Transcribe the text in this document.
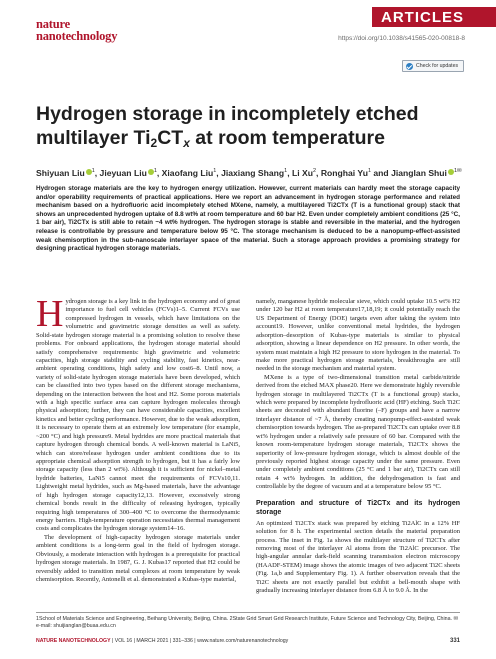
nature
nanotechnology
ARTICLES
https://doi.org/10.1038/s41565-020-00818-8
Check for updates
Hydrogen storage in incompletely etched multilayer $Ti_2CTx$ at room temperature
Shiyuan Liu $^1$, Jieyuan Liu $^1$, Xiaofang Liu$^1$, Jiaxiang Shang$^1$, Li Xu$^2$, Ronghai Yu$^1$ and Jianglan Shui $^{1✉}$
Hydrogen storage materials are the key to hydrogen energy utilization. However, current materials can hardly meet the storage capacity and/or operability requirements of practical applications. Here we report an advancement in hydrogen storage performance and related mechanism based on a hydrofluoric acid incompletely etched MXene, namely, a multilayered Ti2CTx (T is a functional group) stack that shows an unprecedented hydrogen uptake of 8.8 wt% at room temperature and 60 bar H2. Even under completely ambient conditions (25 °C, 1 bar air), Ti2CTx is still able to retain ~4 wt% hydrogen. The hydrogen storage is stable and reversible in the material, and the hydrogen release is controllable by pressure and temperature below 95 °C. The storage mechanism is deduced to be a nanopump-effect-assisted weak chemisorption in the sub-nanoscale interlayer space of the material. Such a storage approach provides a promising strategy for designing practical hydrogen storage materials.

Hydrogen storage is a key link in the hydrogen economy and of great importance to fuel cell vehicles (FCVs)1–5. Current FCVs use compressed hydrogen in vessels, which have limitations on the volumetric and gravimetric storage densities as well as safety. Solid-state hydrogen storage material is a promising solution to resolve these problems. For onboard applications, the hydrogen storage material should satisfy comprehensive requirements: high gravimetric and volumetric capacities, high storage stability and cycling stability, fast kinetics, near-ambient operating conditions, high safety and low cost6–8. Until now, a variety of solid-state hydrogen storage materials have been developed, which can be classified into two types based on the different storage mechanisms, depending on the interaction between the host and H2. Some porous materials with a high specific surface area can capture hydrogen molecules through physical adsorption; further, they can have considerable capacities, excellent kinetics and better cycling performance. However, due to the weak adsorption, it is necessary to operate them at an extremely low temperature (for example, ~200 °C) and high pressure9. Metal hydrides are more practical materials that capture hydrogen through chemical bonds. A well-known material is LaNi5, which can store/release hydrogen under ambient conditions due to its appropriate chemical adsorption strength to hydrogen, but it has a fairly low storage capacity (less than 2 wt%). Although it is sufficient for nickel–metal hydride batteries, LaNi5 cannot meet the requirements of FCVs10,11. Lightweight metal hydrides, such as Mg-based materials, have the advantage of high hydrogen storage capacity12,13. However, excessively strong chemical bonds result in the difficulty of releasing hydrogen, typically requiring high temperatures of 300–400 °C to overcome the thermodynamic energy barriers. High-temperature operation necessitates thermal management costs and complicates the hydrogen storage system14–16.

The development of high-capacity hydrogen storage materials under ambient conditions is a long-term goal in the field of hydrogen storage. Obviously, a moderate interaction with hydrogen is a prerequisite for practical hydrogen storage materials. In 1987, G. J. Kubas17 reported that H2 could be reversibly added to transition metal complexes at room temperature by weak chemisorption. Recently, Antonelli et al. demonstrated a Kubas-type material,

namely, manganese hydride molecular sieve, which could uptake 10.5 wt% H2 under 120 bar H2 at room temperature17,18,19; it could potentially reach the US Department of Energy (DOE) targets even after taking the system into account19. However, unlike conventional metal hydrides, the hydrogen adsorption–desorption of Kubas-type materials is similar to physical adsorption, showing a linear dependence on H2 pressure. In other words, the system must maintain a high H2 pressure to store hydrogen in the material. To make more practical hydrogen storage materials, breakthroughs are still needed in the storage mechanism and material system.

MXene is a type of two-dimensional transition metal carbide/nitride derived from the etched MAX phase20. Here we demonstrate highly reversible hydrogen storage in multilayered Ti2CTx (T is a functional group) stacks, which were prepared by incomplete hydrofluoric acid (HF) etching. Such Ti2C sheets are decorated with abundant fluorine (–F) groups and have a narrow interlayer distance of ~7 Å, thereby creating nanopump-effect-assisted weak chemisorption towards hydrogen. The as-prepared Ti2CTx can uptake over 8.8 wt% hydrogen under a relatively safe pressure of 60 bar. Compared with the known room-temperature hydrogen storage materials, Ti2CTx shows the superiority of low-pressure hydrogen storage, which is almost double of the previously reported highest storage capacity under the same pressure. Even under completely ambient conditions (25 °C and 1 bar air), Ti2CTx can still retain 4 wt% hydrogen. In addition, the dehydrogenation is fast and controllable by the degree of vacuum and at a temperature below 95 °C.

Preparation and structure of Ti2CTx and its hydrogen storage

An optimized Ti2CTx stack was prepared by etching Ti2AlC in a 12% HF solution for 8 h. The experimental section details the material preparation process. The inset in Fig. 1a shows the multilayer structure of Ti2CTx after removing most of the interlayer Al atoms from the Ti2AlC precursor. The high-angular annular dark-field scanning transmission electron microscopy (HAADF-STEM) image shows the atomic images of two adjacent Ti2C sheets (Fig. 1a,b and Supplementary Fig. 1). A further observation reveals that the Ti2C sheets are not exactly parallel but exhibit a bell-mouth shape with gradually increasing interlayer distance from 6.8 Å to 9.0 Å. In the

1School of Materials Science and Engineering, Beihang University, Beijing, China. 2State Grid Smart Grid Research Institute, Future Science and Technology City, Beijing, China. ✉e-mail: shuijianglan@buaa.edu.cn
NATURE NANOTECHNOLOGY | VOL 16 | MARCH 2021 | 331–336 | www.nature.com/naturenanotechnology	331
